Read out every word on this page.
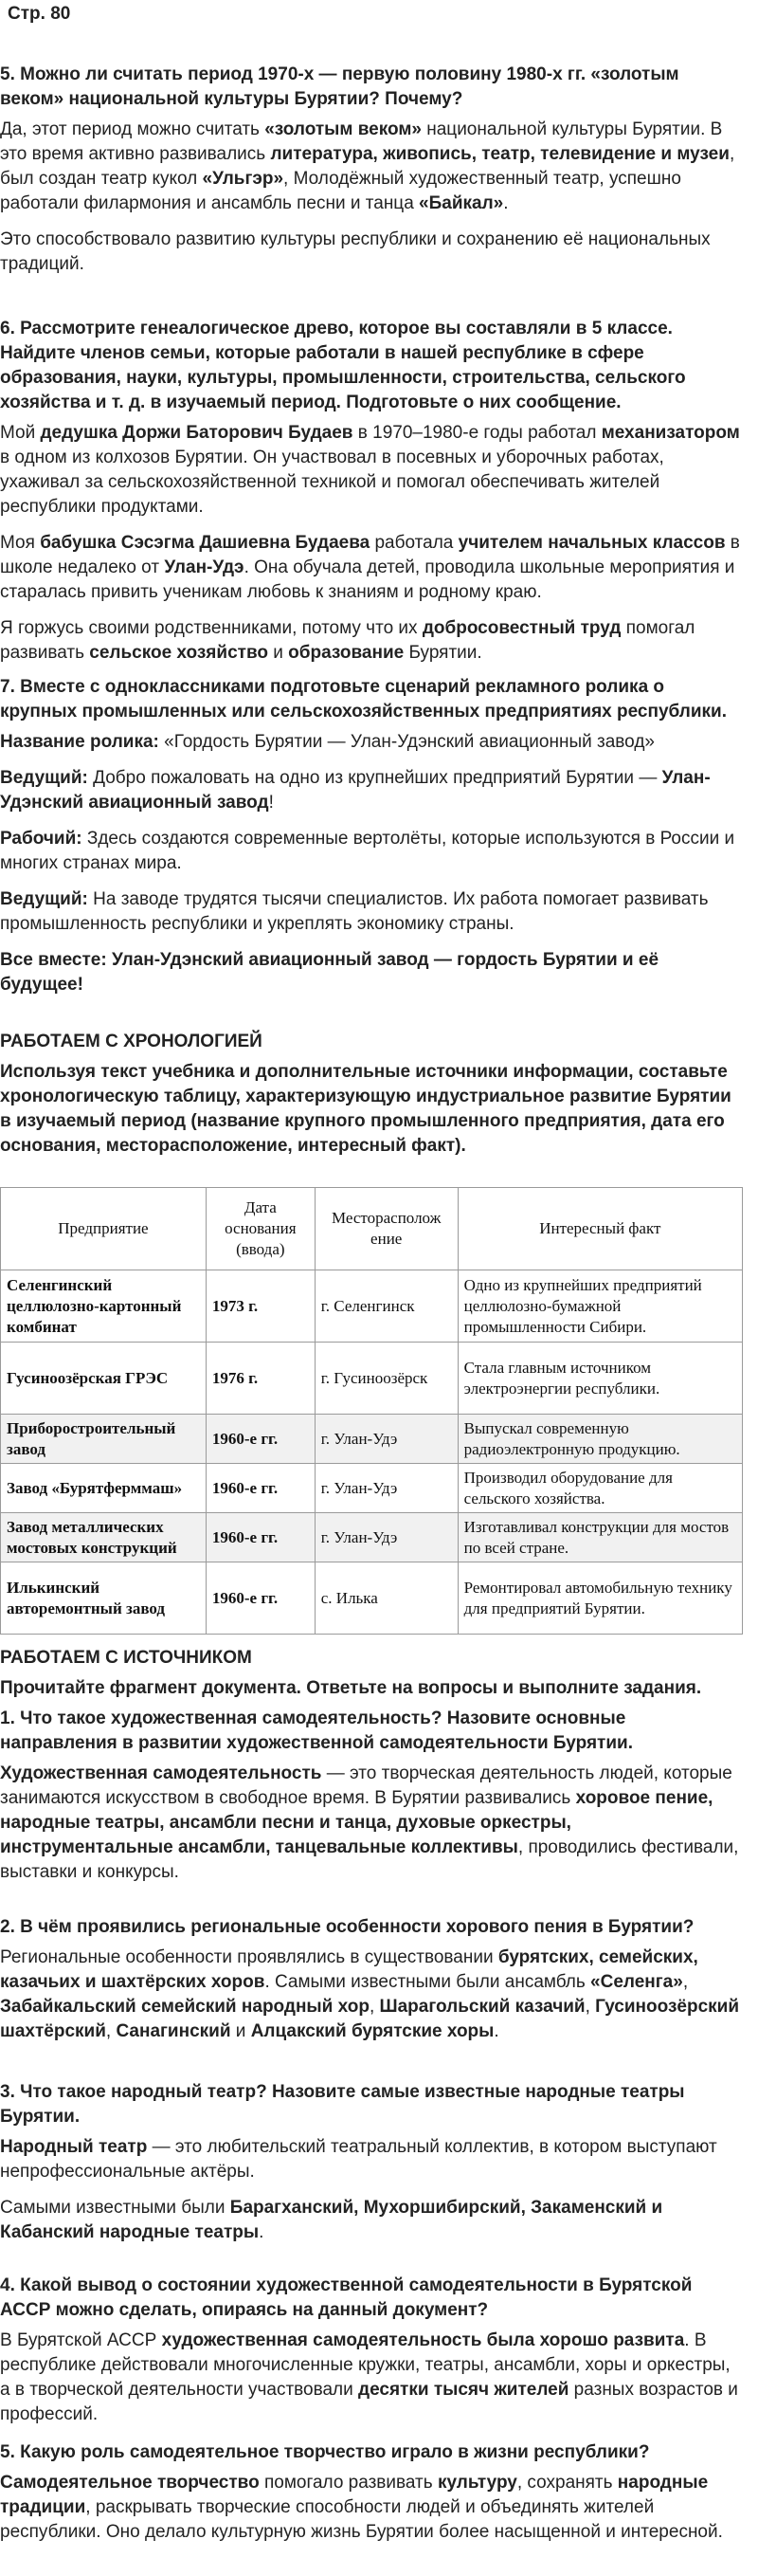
Стр. 80

5. Можно ли считать период 1970-х — первую половину 1980-х гг. «золотым веком» национальной культуры Бурятии? Почему?

Да, этот период можно считать «золотым веком» национальной культуры Бурятии. В это время активно развивались литература, живопись, театр, телевидение и музеи, был создан театр кукол «Ульгэр», Молодёжный художественный театр, успешно работали филармония и ансамбль песни и танца «Байкал».

Это способствовало развитию культуры республики и сохранению её национальных традиций.

6. Рассмотрите генеалогическое древо, которое вы составляли в 5 классе. Найдите членов семьи, которые работали в нашей республике в сфере образования, науки, культуры, промышленности, строительства, сельского хозяйства и т. д. в изучаемый период. Подготовьте о них сообщение.

Мой дедушка Доржи Баторович Будаев в 1970–1980-е годы работал механизатором в одном из колхозов Бурятии. Он участвовал в посевных и уборочных работах, ухаживал за сельскохозяйственной техникой и помогал обеспечивать жителей республики продуктами.

Моя бабушка Сэсэгма Дашиевна Будаева работала учителем начальных классов в школе недалеко от Улан-Удэ. Она обучала детей, проводила школьные мероприятия и старалась привить ученикам любовь к знаниям и родному краю.

Я горжусь своими родственниками, потому что их добросовестный труд помогал развивать сельское хозяйство и образование Бурятии.

7. Вместе с одноклассниками подготовьте сценарий рекламного ролика о крупных промышленных или сельскохозяйственных предприятиях республики.

Название ролика: «Гордость Бурятии — Улан-Удэнский авиационный завод»

Ведущий: Добро пожаловать на одно из крупнейших предприятий Бурятии — Улан-Удэнский авиационный завод!

Рабочий: Здесь создаются современные вертолёты, которые используются в России и многих странах мира.

Ведущий: На заводе трудятся тысячи специалистов. Их работа помогает развивать промышленность республики и укреплять экономику страны.

Все вместе: Улан-Удэнский авиационный завод — гордость Бурятии и её будущее!

РАБОТАЕМ С ХРОНОЛОГИЕЙ

Используя текст учебника и дополнительные источники информации, составьте хронологическую таблицу, характеризующую индустриальное развитие Бурятии в изучаемый период (название крупного промышленного предприятия, дата его основания, месторасположение, интересный факт).

Предприятие	Дата основания (ввода)	Месторасполож ение	Интересный факт
Селенгинский целлюлозно-картонный комбинат	1973 г.	г. Селенгинск	Одно из крупнейших предприятий целлюлозно-бумажной промышленности Сибири.
Гусиноозёрская ГРЭС	1976 г.	г. Гусиноозёрск	Стала главным источником электроэнергии республики.
Приборостроительный завод	1960-е гг.	г. Улан-Удэ	Выпускал современную радиоэлектронную продукцию.
Завод «Бурятферммаш»	1960-е гг.	г. Улан-Удэ	Производил оборудование для сельского хозяйства.
Завод металлических мостовых конструкций	1960-е гг.	г. Улан-Удэ	Изготавливал конструкции для мостов по всей стране.
Илькинский авторемонтный завод	1960-е гг.	с. Илька	Ремонтировал автомобильную технику для предприятий Бурятии.

РАБОТАЕМ С ИСТОЧНИКОМ

Прочитайте фрагмент документа. Ответьте на вопросы и выполните задания.

1. Что такое художественная самодеятельность? Назовите основные направления в развитии художественной самодеятельности Бурятии.

Художественная самодеятельность — это творческая деятельность людей, которые занимаются искусством в свободное время. В Бурятии развивались хоровое пение, народные театры, ансамбли песни и танца, духовые оркестры, инструментальные ансамбли, танцевальные коллективы, проводились фестивали, выставки и конкурсы.

2. В чём проявились региональные особенности хорового пения в Бурятии?

Региональные особенности проявлялись в существовании бурятских, семейских, казачьих и шахтёрских хоров. Самыми известными были ансамбль «Селенга», Забайкальский семейский народный хор, Шарагольский казачий, Гусиноозёрский шахтёрский, Санагинский и Алцакский бурятские хоры.

3. Что такое народный театр? Назовите самые известные народные театры Бурятии.

Народный театр — это любительский театральный коллектив, в котором выступают непрофессиональные актёры.

Самыми известными были Барагханский, Мухоршибирский, Закаменский и Кабанский народные театры.

4. Какой вывод о состоянии художественной самодеятельности в Бурятской АССР можно сделать, опираясь на данный документ?

В Бурятской АССР художественная самодеятельность была хорошо развита. В республике действовали многочисленные кружки, театры, ансамбли, хоры и оркестры, а в творческой деятельности участвовали десятки тысяч жителей разных возрастов и профессий.

5. Какую роль самодеятельное творчество играло в жизни республики?

Самодеятельное творчество помогало развивать культуру, сохранять народные традиции, раскрывать творческие способности людей и объединять жителей республики. Оно делало культурную жизнь Бурятии более насыщенной и интересной.
